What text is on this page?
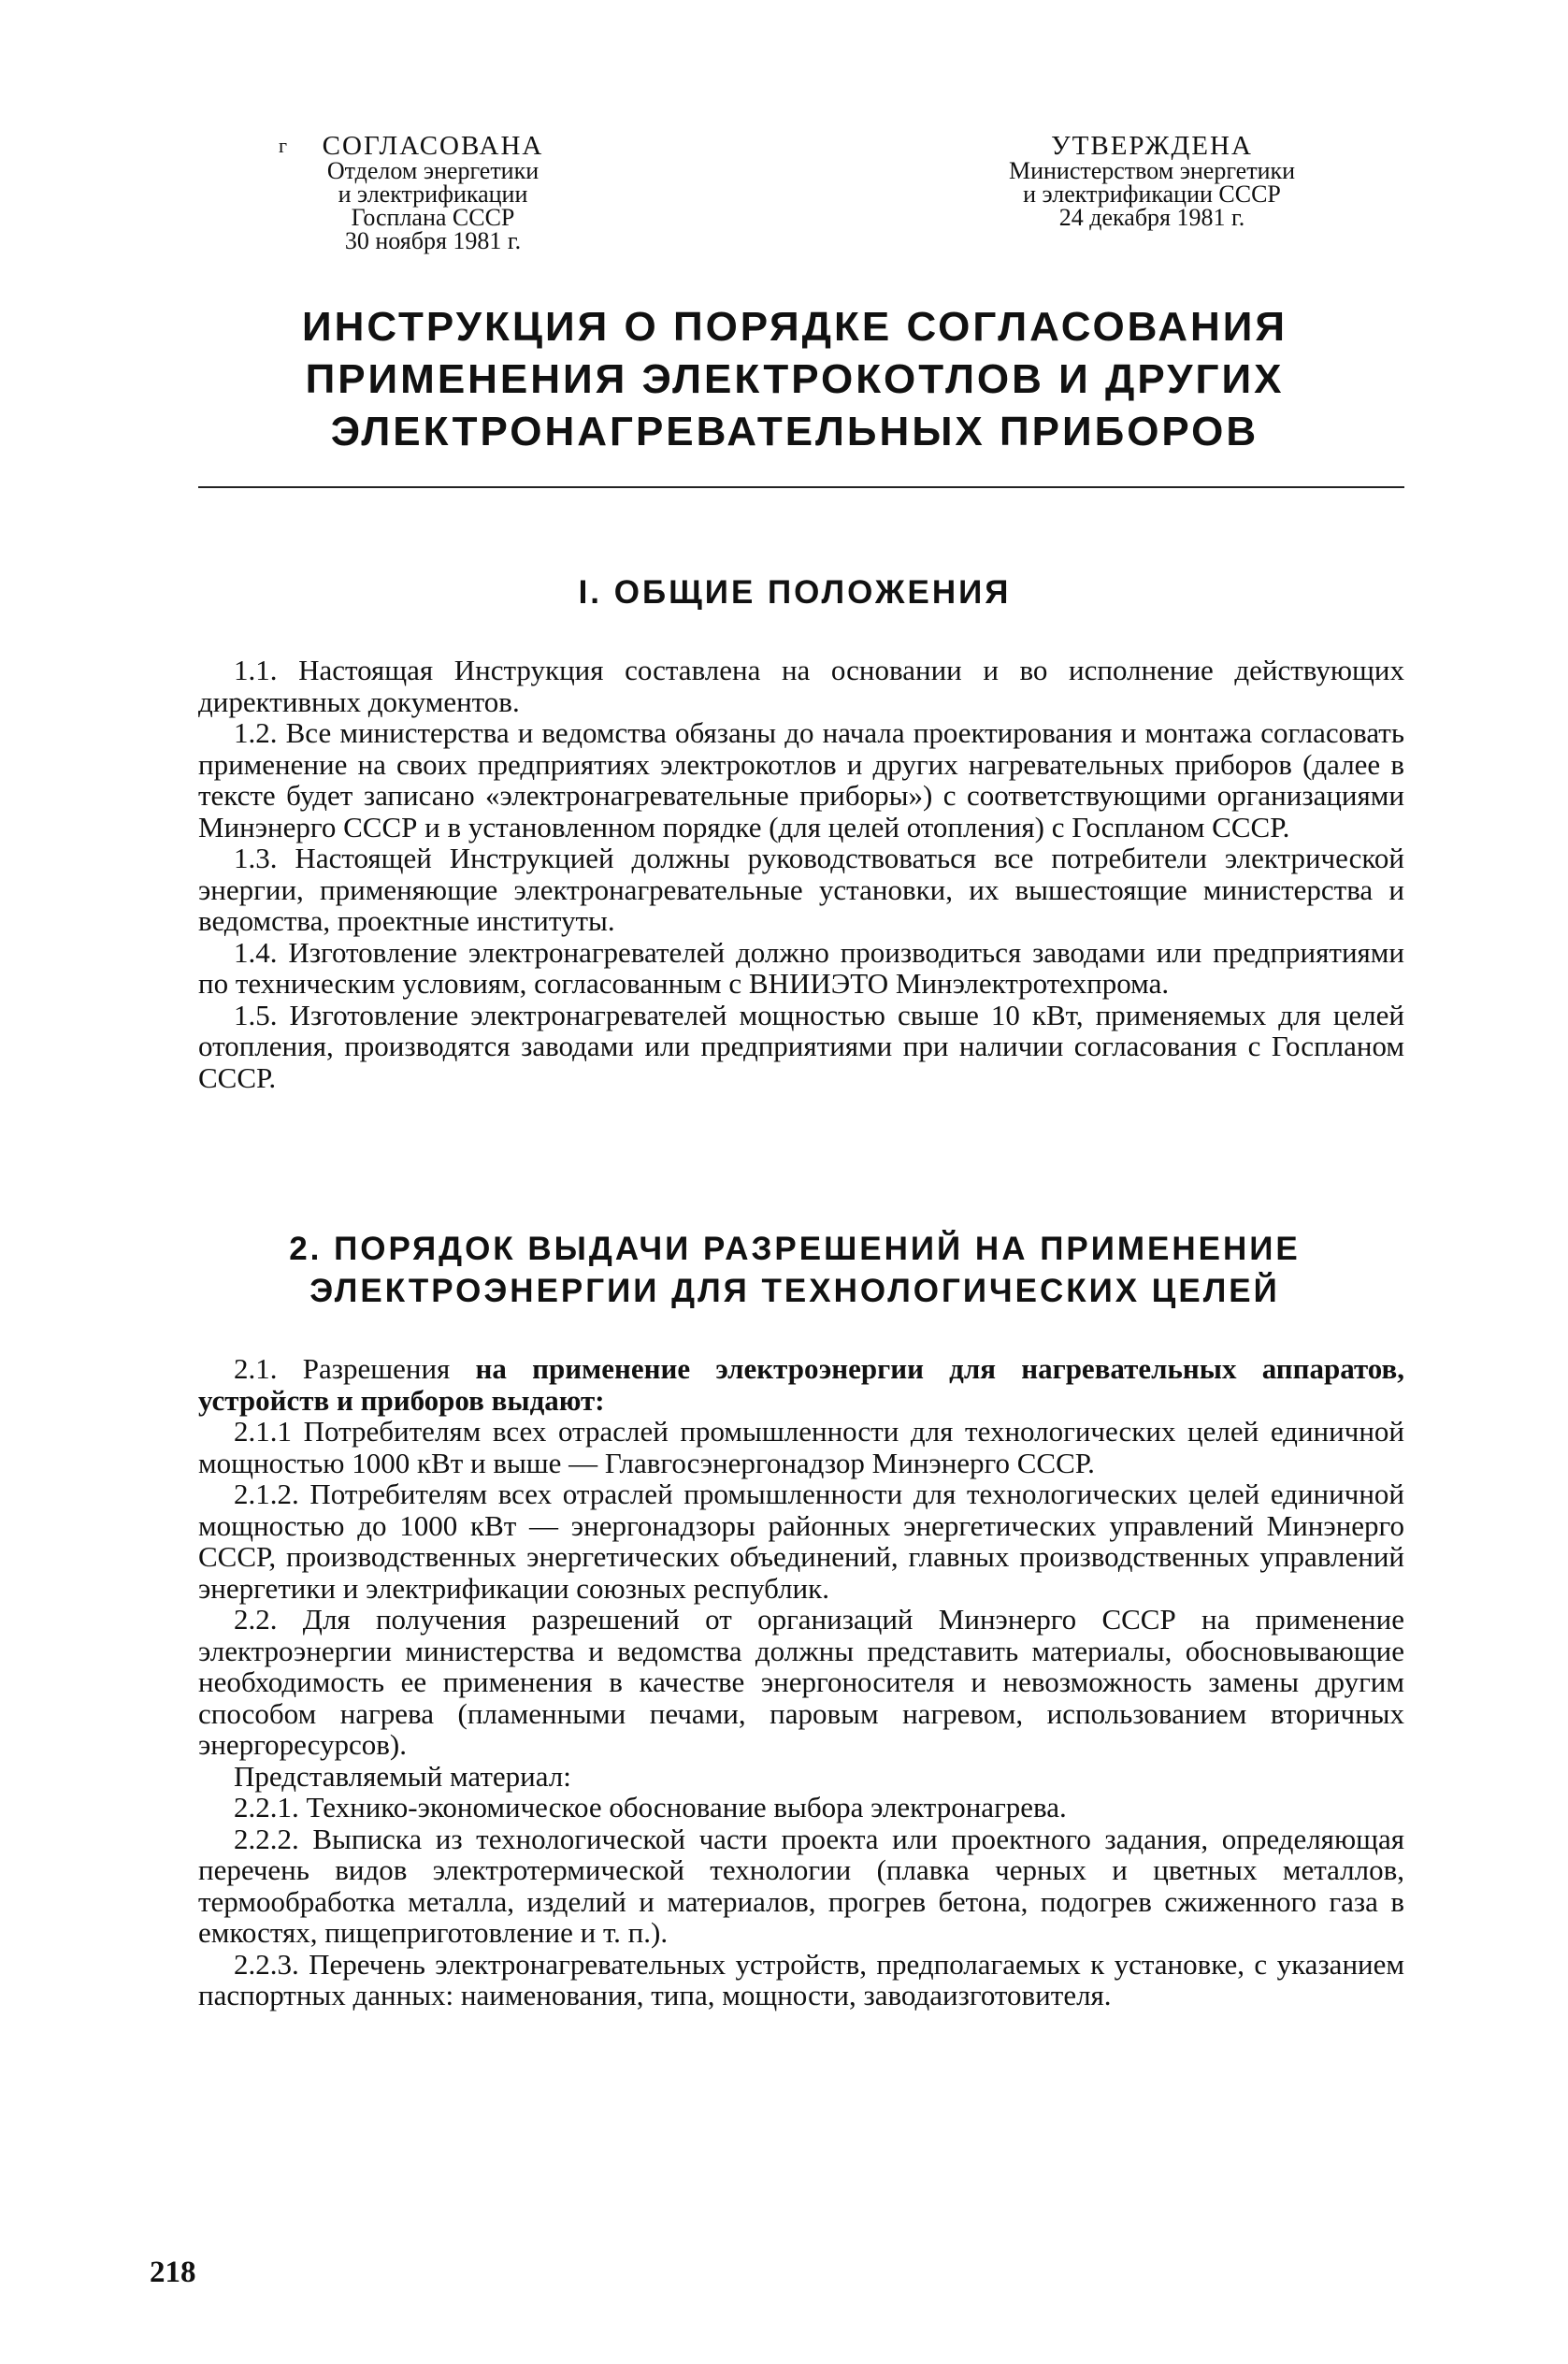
г	СОГЛАСОВАНА
Отделом энергетики
и электрификации
Госплана СССР
30 ноября 1981 г.
УТВЕРЖДЕНА
Министерством энергетики
и электрификации СССР
24 декабря 1981 г.
ИНСТРУКЦИЯ О ПОРЯДКЕ СОГЛАСОВАНИЯ
ПРИМЕНЕНИЯ ЭЛЕКТРОКОТЛОВ И ДРУГИХ
ЭЛЕКТРОНАГРЕВАТЕЛЬНЫХ ПРИБОРОВ
I. ОБЩИЕ ПОЛОЖЕНИЯ

1.1. Настоящая Инструкция составлена на основании и во исполнение действующих директивных документов.

1.2. Все министерства и ведомства обязаны до начала проектирования и монтажа согласовать применение на своих предприятиях электрокотлов и других нагревательных приборов (далее в тексте будет записано «электронагревательные приборы») с соответствующими организациями Минэнерго СССР и в установленном порядке (для целей отопления) с Госпланом СССР.

1.3. Настоящей Инструкцией должны руководствоваться все потребители электрической энергии, применяющие электронагревательные установки, их вышестоящие министерства и ведомства, проектные институты.

1.4. Изготовление электронагревателей должно производиться заводами или предприятиями по техническим условиям, согласованным с ВНИИЭТО Минэлектротехпрома.

1.5. Изготовление электронагревателей мощностью свыше 10 кВт, применяемых для целей отопления, производятся заводами или предприятиями при наличии согласования с Госпланом СССР.

2. ПОРЯДОК ВЫДАЧИ РАЗРЕШЕНИЙ НА ПРИМЕНЕНИЕ
ЭЛЕКТРОЭНЕРГИИ ДЛЯ ТЕХНОЛОГИЧЕСКИХ ЦЕЛЕЙ

2.1. Разрешения на применение электроэнергии для нагревательных аппаратов, устройств и приборов выдают:

2.1.1 Потребителям всех отраслей промышленности для технологических целей единичной мощностью 1000 кВт и выше — Главгосэнергонадзор Минэнерго СССР.

2.1.2. Потребителям всех отраслей промышленности для технологических целей единичной мощностью до 1000 кВт — энергонадзоры районных энергетических управлений Минэнерго СССР, производственных энергетических объединений, главных производственных управлений энергетики и электрификации союзных республик.

2.2. Для получения разрешений от организаций Минэнерго СССР на применение электроэнергии министерства и ведомства должны представить материалы, обосновывающие необходимость ее применения в качестве энергоносителя и невозможность замены другим способом нагрева (пламенными печами, паровым нагревом, использованием вторичных энергоресурсов).

Представляемый материал:

2.2.1. Технико-экономическое обоснование выбора электронагрева.

2.2.2. Выписка из технологической части проекта или проектного задания, определяющая перечень видов электротермической технологии (плавка черных и цветных металлов, термообработка металла, изделий и материалов, прогрев бетона, подогрев сжиженного газа в емкостях, пищеприготовление и т. п.).

2.2.3. Перечень электронагревательных устройств, предполагаемых к установке, с указанием паспортных данных: наименования, типа, мощности, заводаизготовителя.

218
